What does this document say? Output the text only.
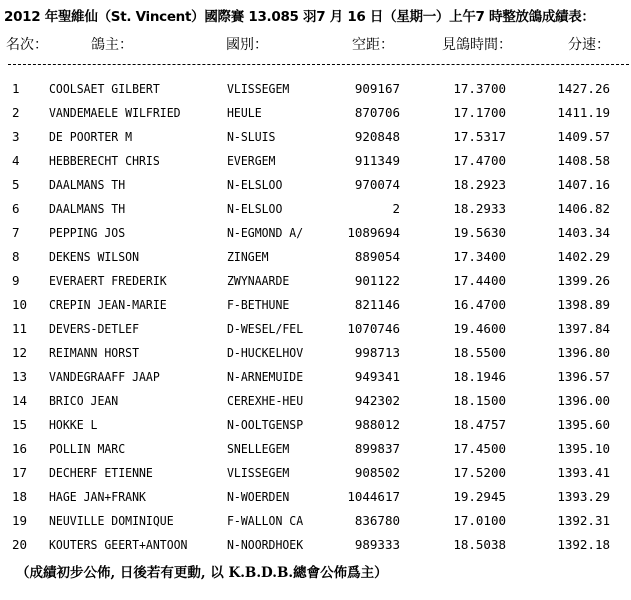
2012 年聖維仙（St. Vincent）國際賽 13.085 羽7 月 16 日（星期一）上午7 時整放鴿成績表：
名次：	鴿主：	國別：	空距：	見鴿時間：	分速：
1 COOLSAET GILBERT	VLISSEGEM	909167	17.3700	1427.26
2 VANDEMAELE WILFRIED	HEULE	870706	17.1700	1411.19
3 DE POORTER M	N-SLUIS	920848	17.5317	1409.57
4 HEBBERECHT CHRIS	EVERGEM	911349	17.4700	1408.58
5 DAALMANS TH	N-ELSLOO	970074	18.2923	1407.16
6 DAALMANS TH	N-ELSLOO	2	18.2933	1406.82
7 PEPPING JOS	N-EGMOND A/	1089694	19.5630	1403.34
8 DEKENS WILSON	ZINGEM	889054	17.3400	1402.29
9 EVERAERT FREDERIK	ZWYNAARDE	901122	17.4400	1399.26
10 CREPIN JEAN-MARIE	F-BETHUNE	821146	16.4700	1398.89
11 DEVERS-DETLEF	D-WESEL/FEL	1070746	19.4600	1397.84
12 REIMANN HORST	D-HUCKELHOV	998713	18.5500	1396.80
13 VANDEGRAAFF JAAP	N-ARNEMUIDE	949341	18.1946	1396.57
14 BRICO JEAN	CEREXHE-HEU	942302	18.1500	1396.00
15 HOKKE L	N-OOLTGENSP	988012	18.4757	1395.60
16 POLLIN MARC	SNELLEGEM	899837	17.4500	1395.10
17 DECHERF ETIENNE	VLISSEGEM	908502	17.5200	1393.41
18 HAGE JAN+FRANK	N-WOERDEN	1044617	19.2945	1393.29
19 NEUVILLE DOMINIQUE	F-WALLON CA	836780	17.0100	1392.31
20 KOUTERS GEERT+ANTOON	N-NOORDHOEK	989333	18.5038	1392.18
（成績初步公佈, 日後若有更動, 以 K.B.D.B.總會公佈爲主）
